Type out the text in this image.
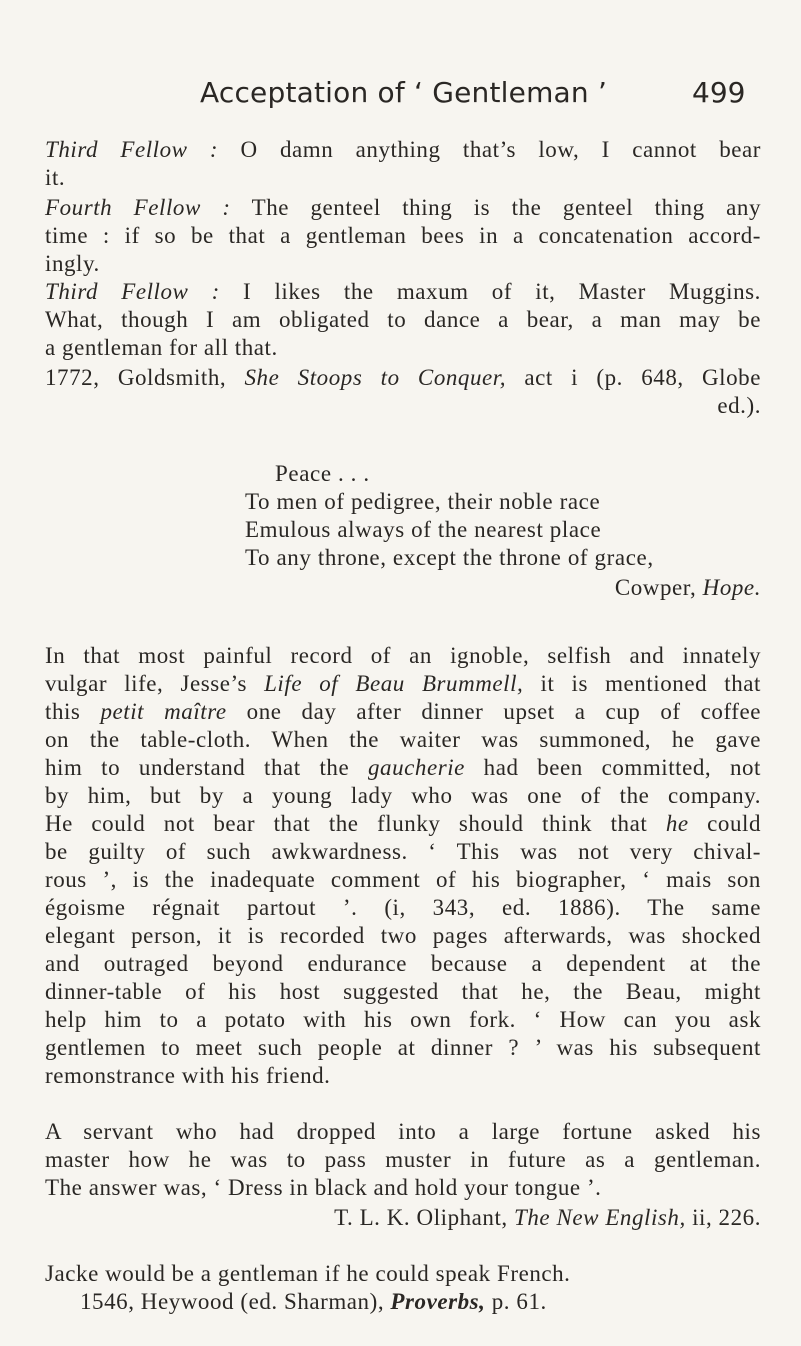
Acceptation of ‘ Gentleman ’	499
Third Fellow : O damn anything that’s low, I cannot bear
it.
Fourth Fellow : The genteel thing is the genteel thing any
time : if so be that a gentleman bees in a concatenation accord-
ingly.
Third Fellow : I likes the maxum of it, Master Muggins.
What, though I am obligated to dance a bear, a man may be
a gentleman for all that.
1772, Goldsmith, She Stoops to Conquer, act i (p. 648, Globe
ed.).
Peace . . .
To men of pedigree, their noble race
Emulous always of the nearest place
To any throne, except the throne of grace,
Cowper, Hope.
In that most painful record of an ignoble, selfish and innately
vulgar life, Jesse’s Life of Beau Brummell, it is mentioned that
this petit maître one day after dinner upset a cup of coffee
on the table-cloth. When the waiter was summoned, he gave
him to understand that the gaucherie had been committed, not
by him, but by a young lady who was one of the company.
He could not bear that the flunky should think that he could
be guilty of such awkwardness. ‘ This was not very chival-
rous ’, is the inadequate comment of his biographer, ‘ mais son
égoisme régnait partout ’. (i, 343, ed. 1886). The same
elegant person, it is recorded two pages afterwards, was shocked
and outraged beyond endurance because a dependent at the
dinner-table of his host suggested that he, the Beau, might
help him to a potato with his own fork. ‘ How can you ask
gentlemen to meet such people at dinner ? ’ was his subsequent
remonstrance with his friend.
A servant who had dropped into a large fortune asked his
master how he was to pass muster in future as a gentleman.
The answer was, ‘ Dress in black and hold your tongue ’.
T. L. K. Oliphant, The New English, ii, 226.
Jacke would be a gentleman if he could speak French.
1546, Heywood (ed. Sharman), Proverbs, p. 61.
